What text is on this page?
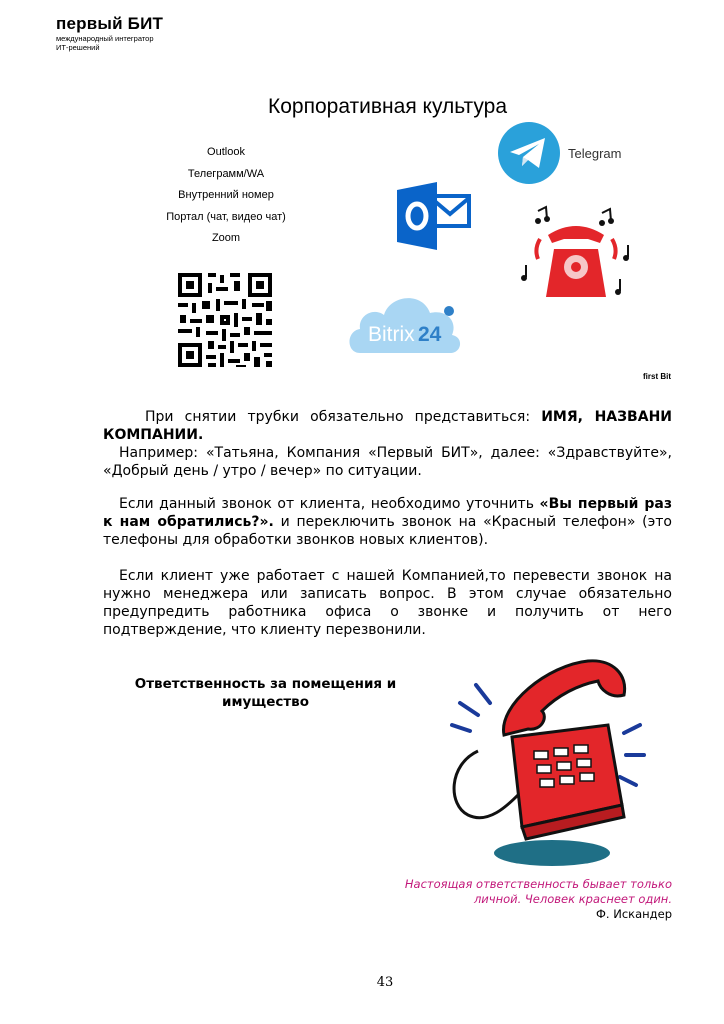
первый БИТ
международный интегратор
ИТ-решений
Корпоративная культура
Outlook
Телеграмм/WA
Внутренний номер
Портал (чат, видео чат)
Zoom
Telegram
Bitrix 24
first Bit
При снятии трубки обязательно представиться: ИМЯ, НАЗВАНИ КОМПАНИИ.
Например: «Татьяна, Компания «Первый БИТ», далее: «Здравствуйте», «Добрый день / утро / вечер» по ситуации.
Если данный звонок от клиента, необходимо уточнить «Вы первый раз к нам обратились?». и переключить звонок на «Красный телефон» (это телефоны для обработки звонков новых клиентов).
Если клиент уже работает с нашей Компанией,то перевести звонок на нужно менеджера или записать вопрос. В этом случае обязательно предупредить работника офиса о звонке и получить от него подтверждение, что клиенту перезвонили.
Ответственность за помещения и имущество
Настоящая ответственность бывает только
личной. Человек краснеет один.
Ф. Искандер
43
